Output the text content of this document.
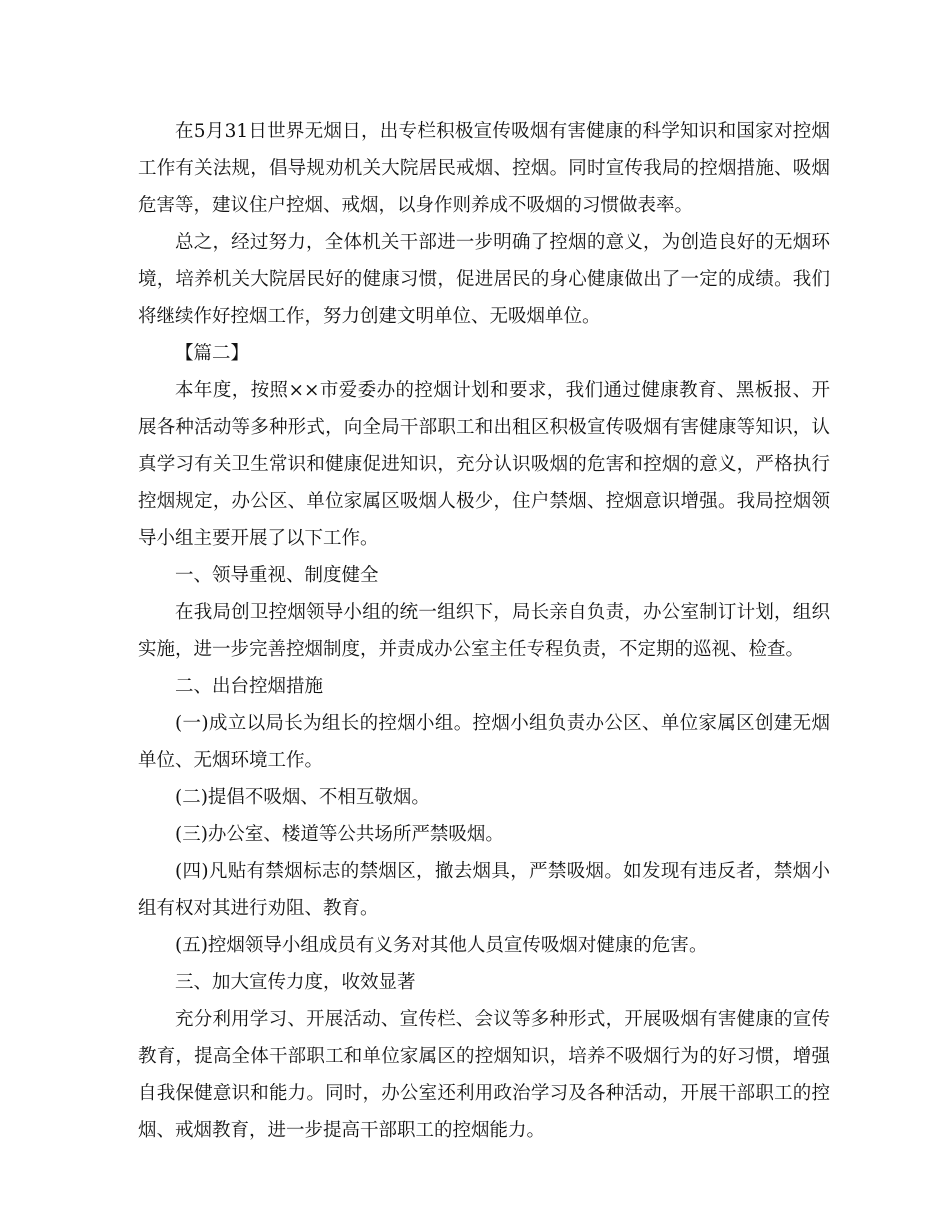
在5月31日世界无烟日，出专栏积极宣传吸烟有害健康的科学知识和国家对控烟工作有关法规，倡导规劝机关大院居民戒烟、控烟。同时宣传我局的控烟措施、吸烟危害等，建议住户控烟、戒烟，以身作则养成不吸烟的习惯做表率。

总之，经过努力，全体机关干部进一步明确了控烟的意义，为创造良好的无烟环境，培养机关大院居民好的健康习惯，促进居民的身心健康做出了一定的成绩。我们将继续作好控烟工作，努力创建文明单位、无吸烟单位。

【篇二】

本年度，按照××市爱委办的控烟计划和要求，我们通过健康教育、黑板报、开展各种活动等多种形式，向全局干部职工和出租区积极宣传吸烟有害健康等知识，认真学习有关卫生常识和健康促进知识，充分认识吸烟的危害和控烟的意义，严格执行控烟规定，办公区、单位家属区吸烟人极少，住户禁烟、控烟意识增强。我局控烟领导小组主要开展了以下工作。

一、领导重视、制度健全

在我局创卫控烟领导小组的统一组织下，局长亲自负责，办公室制订计划，组织实施，进一步完善控烟制度，并责成办公室主任专程负责，不定期的巡视、检查。

二、出台控烟措施

(一)成立以局长为组长的控烟小组。控烟小组负责办公区、单位家属区创建无烟单位、无烟环境工作。

(二)提倡不吸烟、不相互敬烟。

(三)办公室、楼道等公共场所严禁吸烟。

(四)凡贴有禁烟标志的禁烟区，撤去烟具，严禁吸烟。如发现有违反者，禁烟小组有权对其进行劝阻、教育。

(五)控烟领导小组成员有义务对其他人员宣传吸烟对健康的危害。

三、加大宣传力度，收效显著

充分利用学习、开展活动、宣传栏、会议等多种形式，开展吸烟有害健康的宣传教育，提高全体干部职工和单位家属区的控烟知识，培养不吸烟行为的好习惯，增强自我保健意识和能力。同时，办公室还利用政治学习及各种活动，开展干部职工的控烟、戒烟教育，进一步提高干部职工的控烟能力。
